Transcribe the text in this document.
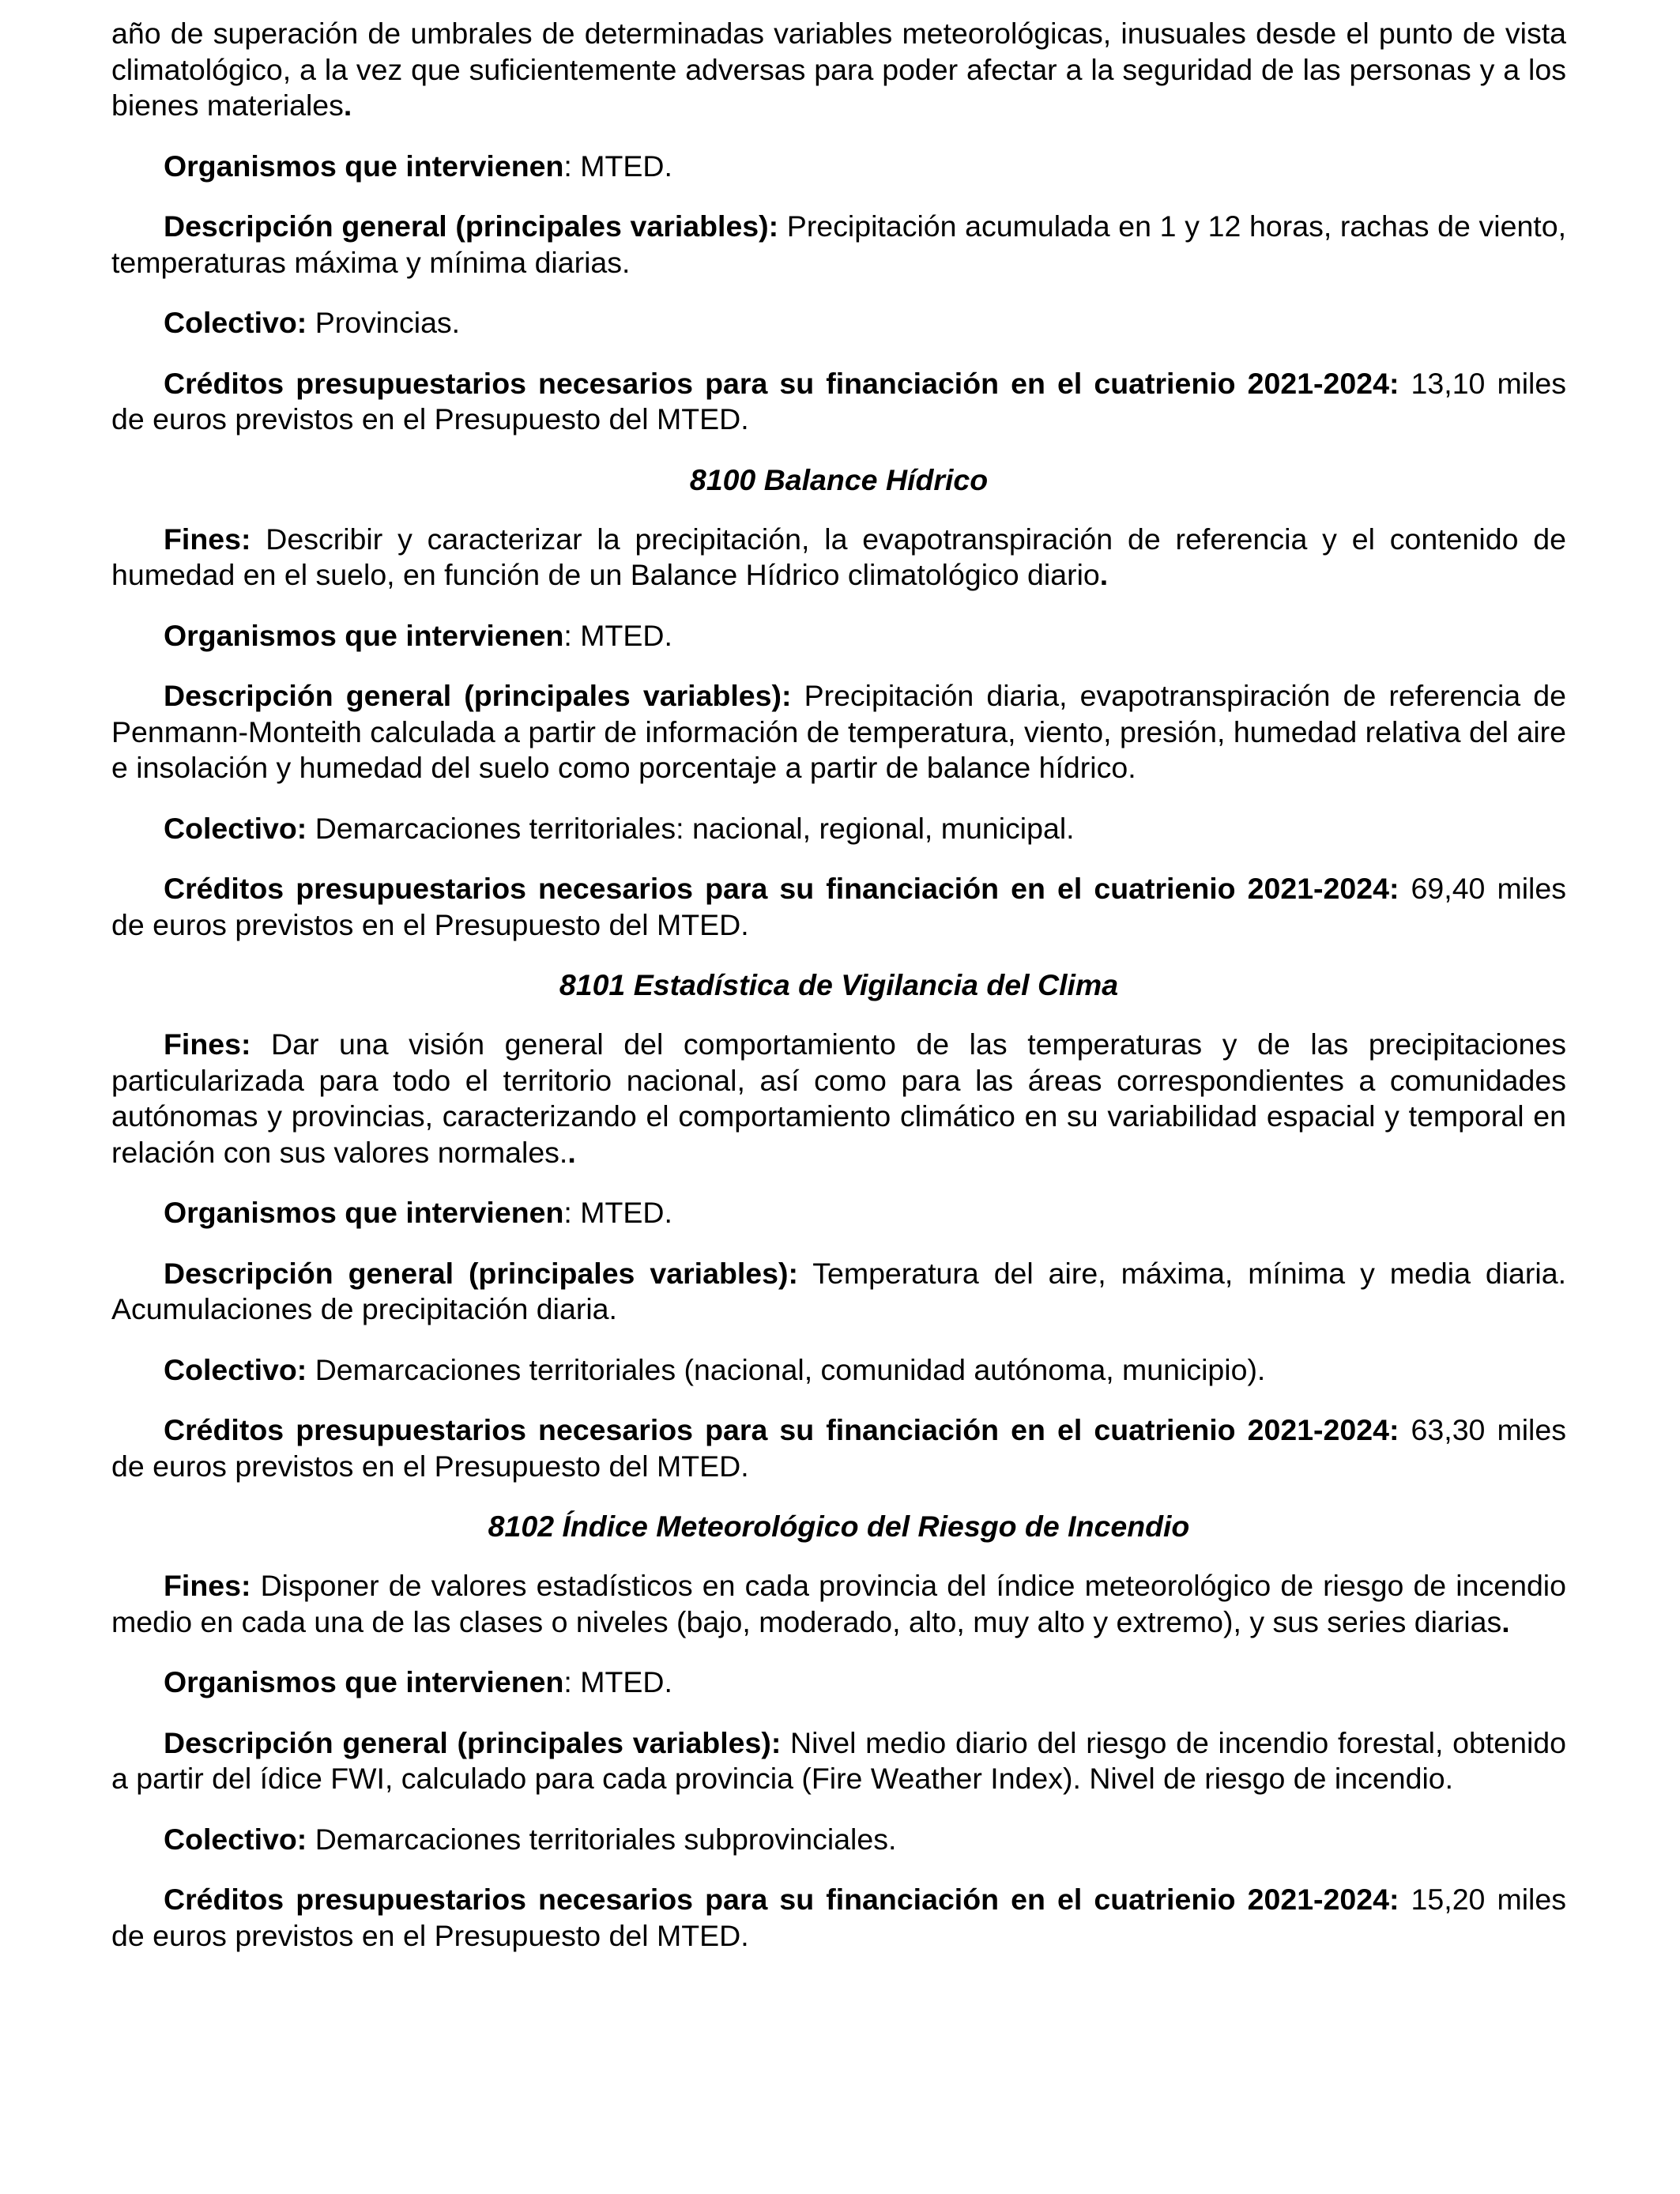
año de superación de umbrales de determinadas variables meteorológicas, inusuales desde el punto de vista climatológico, a la vez que suficientemente adversas para poder afectar a la seguridad de las personas y a los bienes materiales.

Organismos que intervienen: MTED.

Descripción general (principales variables): Precipitación acumulada en 1 y 12 horas, rachas de viento, temperaturas máxima y mínima diarias.

Colectivo: Provincias.

Créditos presupuestarios necesarios para su financiación en el cuatrienio 2021-2024: 13,10 miles de euros previstos en el Presupuesto del MTED.

8100 Balance Hídrico

Fines: Describir y caracterizar la precipitación, la evapotranspiración de referencia y el contenido de humedad en el suelo, en función de un Balance Hídrico climatológico diario.

Organismos que intervienen: MTED.

Descripción general (principales variables): Precipitación diaria, evapotranspiración de referencia de Penmann-Monteith calculada a partir de información de temperatura, viento, presión, humedad relativa del aire e insolación y humedad del suelo como porcentaje a partir de balance hídrico.

Colectivo: Demarcaciones territoriales: nacional, regional, municipal.

Créditos presupuestarios necesarios para su financiación en el cuatrienio 2021-2024: 69,40 miles de euros previstos en el Presupuesto del MTED.

8101 Estadística de Vigilancia del Clima

Fines: Dar una visión general del comportamiento de las temperaturas y de las precipitaciones particularizada para todo el territorio nacional, así como para las áreas correspondientes a comunidades autónomas y provincias, caracterizando el comportamiento climático en su variabilidad espacial y temporal en relación con sus valores normales..

Organismos que intervienen: MTED.

Descripción general (principales variables): Temperatura del aire, máxima, mínima y media diaria. Acumulaciones de precipitación diaria.

Colectivo: Demarcaciones territoriales (nacional, comunidad autónoma, municipio).

Créditos presupuestarios necesarios para su financiación en el cuatrienio 2021-2024: 63,30 miles de euros previstos en el Presupuesto del MTED.

8102 Índice Meteorológico del Riesgo de Incendio

Fines: Disponer de valores estadísticos en cada provincia del índice meteorológico de riesgo de incendio medio en cada una de las clases o niveles (bajo, moderado, alto, muy alto y extremo), y sus series diarias.

Organismos que intervienen: MTED.

Descripción general (principales variables): Nivel medio diario del riesgo de incendio forestal, obtenido a partir del ídice FWI, calculado para cada provincia (Fire Weather Index). Nivel de riesgo de incendio.

Colectivo: Demarcaciones territoriales subprovinciales.

Créditos presupuestarios necesarios para su financiación en el cuatrienio 2021-2024: 15,20 miles de euros previstos en el Presupuesto del MTED.
